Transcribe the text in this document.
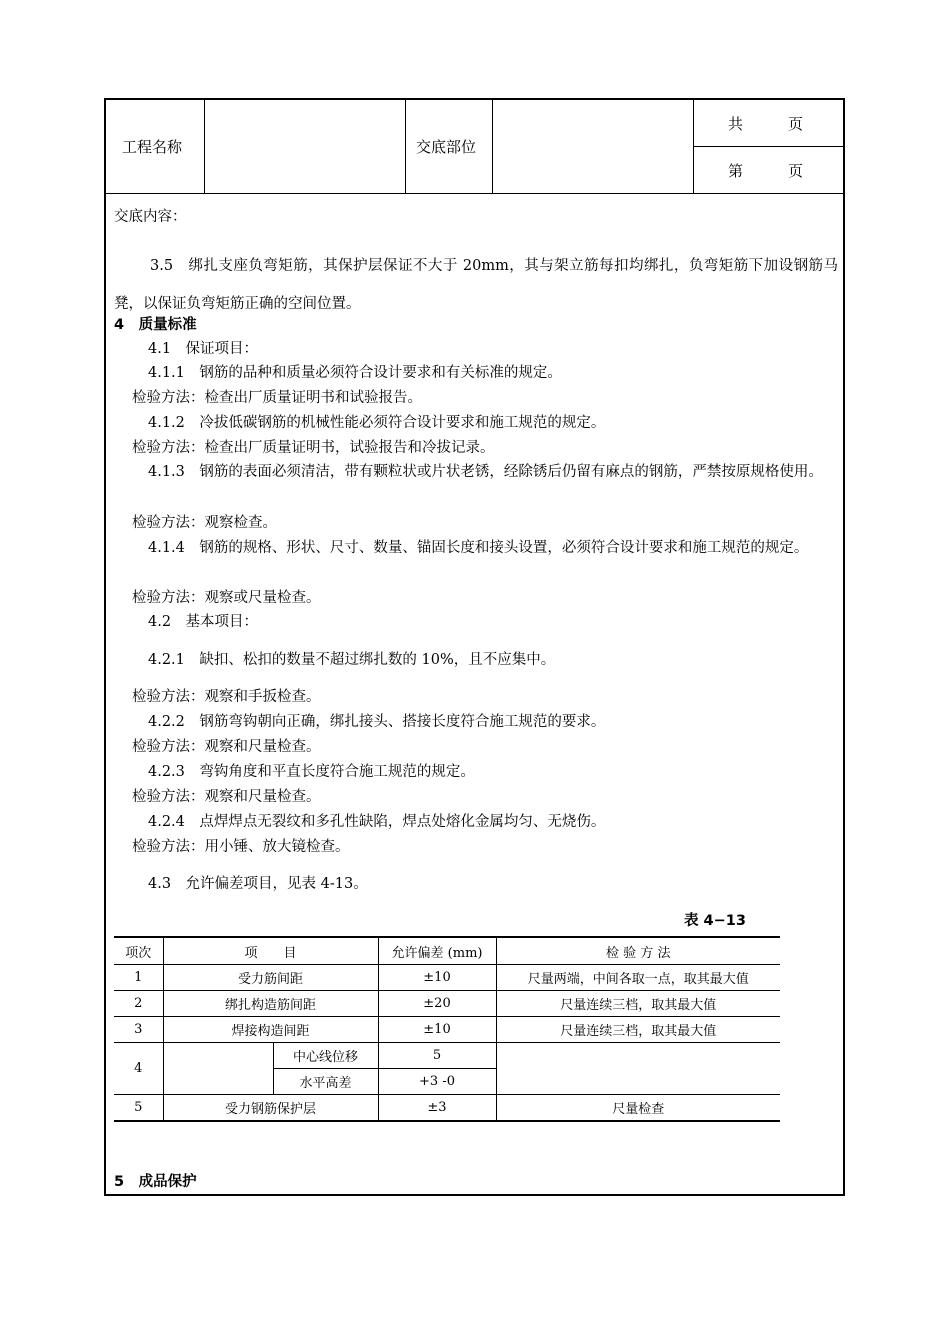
工程名称	交底部位
共　　　页
第　　　页
交底内容：
3.5　绑扎支座负弯矩筋，其保护层保证不大于 20mm，其与架立筋每扣均绑扎，负弯矩筋下加设钢筋马凳，以保证负弯矩筋正确的空间位置。
4　质量标准
4.1　保证项目：
4.1.1　钢筋的品种和质量必须符合设计要求和有关标准的规定。
检验方法：检查出厂质量证明书和试验报告。
4.1.2　冷拔低碳钢筋的机械性能必须符合设计要求和施工规范的规定。
检验方法：检查出厂质量证明书，试验报告和冷拔记录。
4.1.3　钢筋的表面必须清洁，带有颗粒状或片状老锈，经除锈后仍留有麻点的钢筋，严禁按原规格使用。
检验方法：观察检查。
4.1.4　钢筋的规格、形状、尺寸、数量、锚固长度和接头设置，必须符合设计要求和施工规范的规定。
检验方法：观察或尺量检查。
4.2　基本项目：
4.2.1　缺扣、松扣的数量不超过绑扎数的 10%，且不应集中。
检验方法：观察和手扳检查。
4.2.2　钢筋弯钩朝向正确，绑扎接头、搭接长度符合施工规范的要求。
检验方法：观察和尺量检查。
4.2.3　弯钩角度和平直长度符合施工规范的规定。
检验方法：观察和尺量检查。
4.2.4　点焊焊点无裂纹和多孔性缺陷，焊点处熔化金属均匀、无烧伤。
检验方法：用小锤、放大镜检查。
4.3　允许偏差项目，见表 4-13。
表 4−13
项次	项　　目		允许偏差 (mm)	检 验 方 法
1	受力筋间距		±10	尺量两端，中间各取一点，取其最大值
2	绑扎构造筋间距		±20	尺量连续三档，取其最大值
3	焊接构造间距		±10	尺量连续三档，取其最大值
4		中心线位移	5	
		水平高差	+3 -0	
5	受力钢筋保护层		±3	尺量检查
5　成品保护
